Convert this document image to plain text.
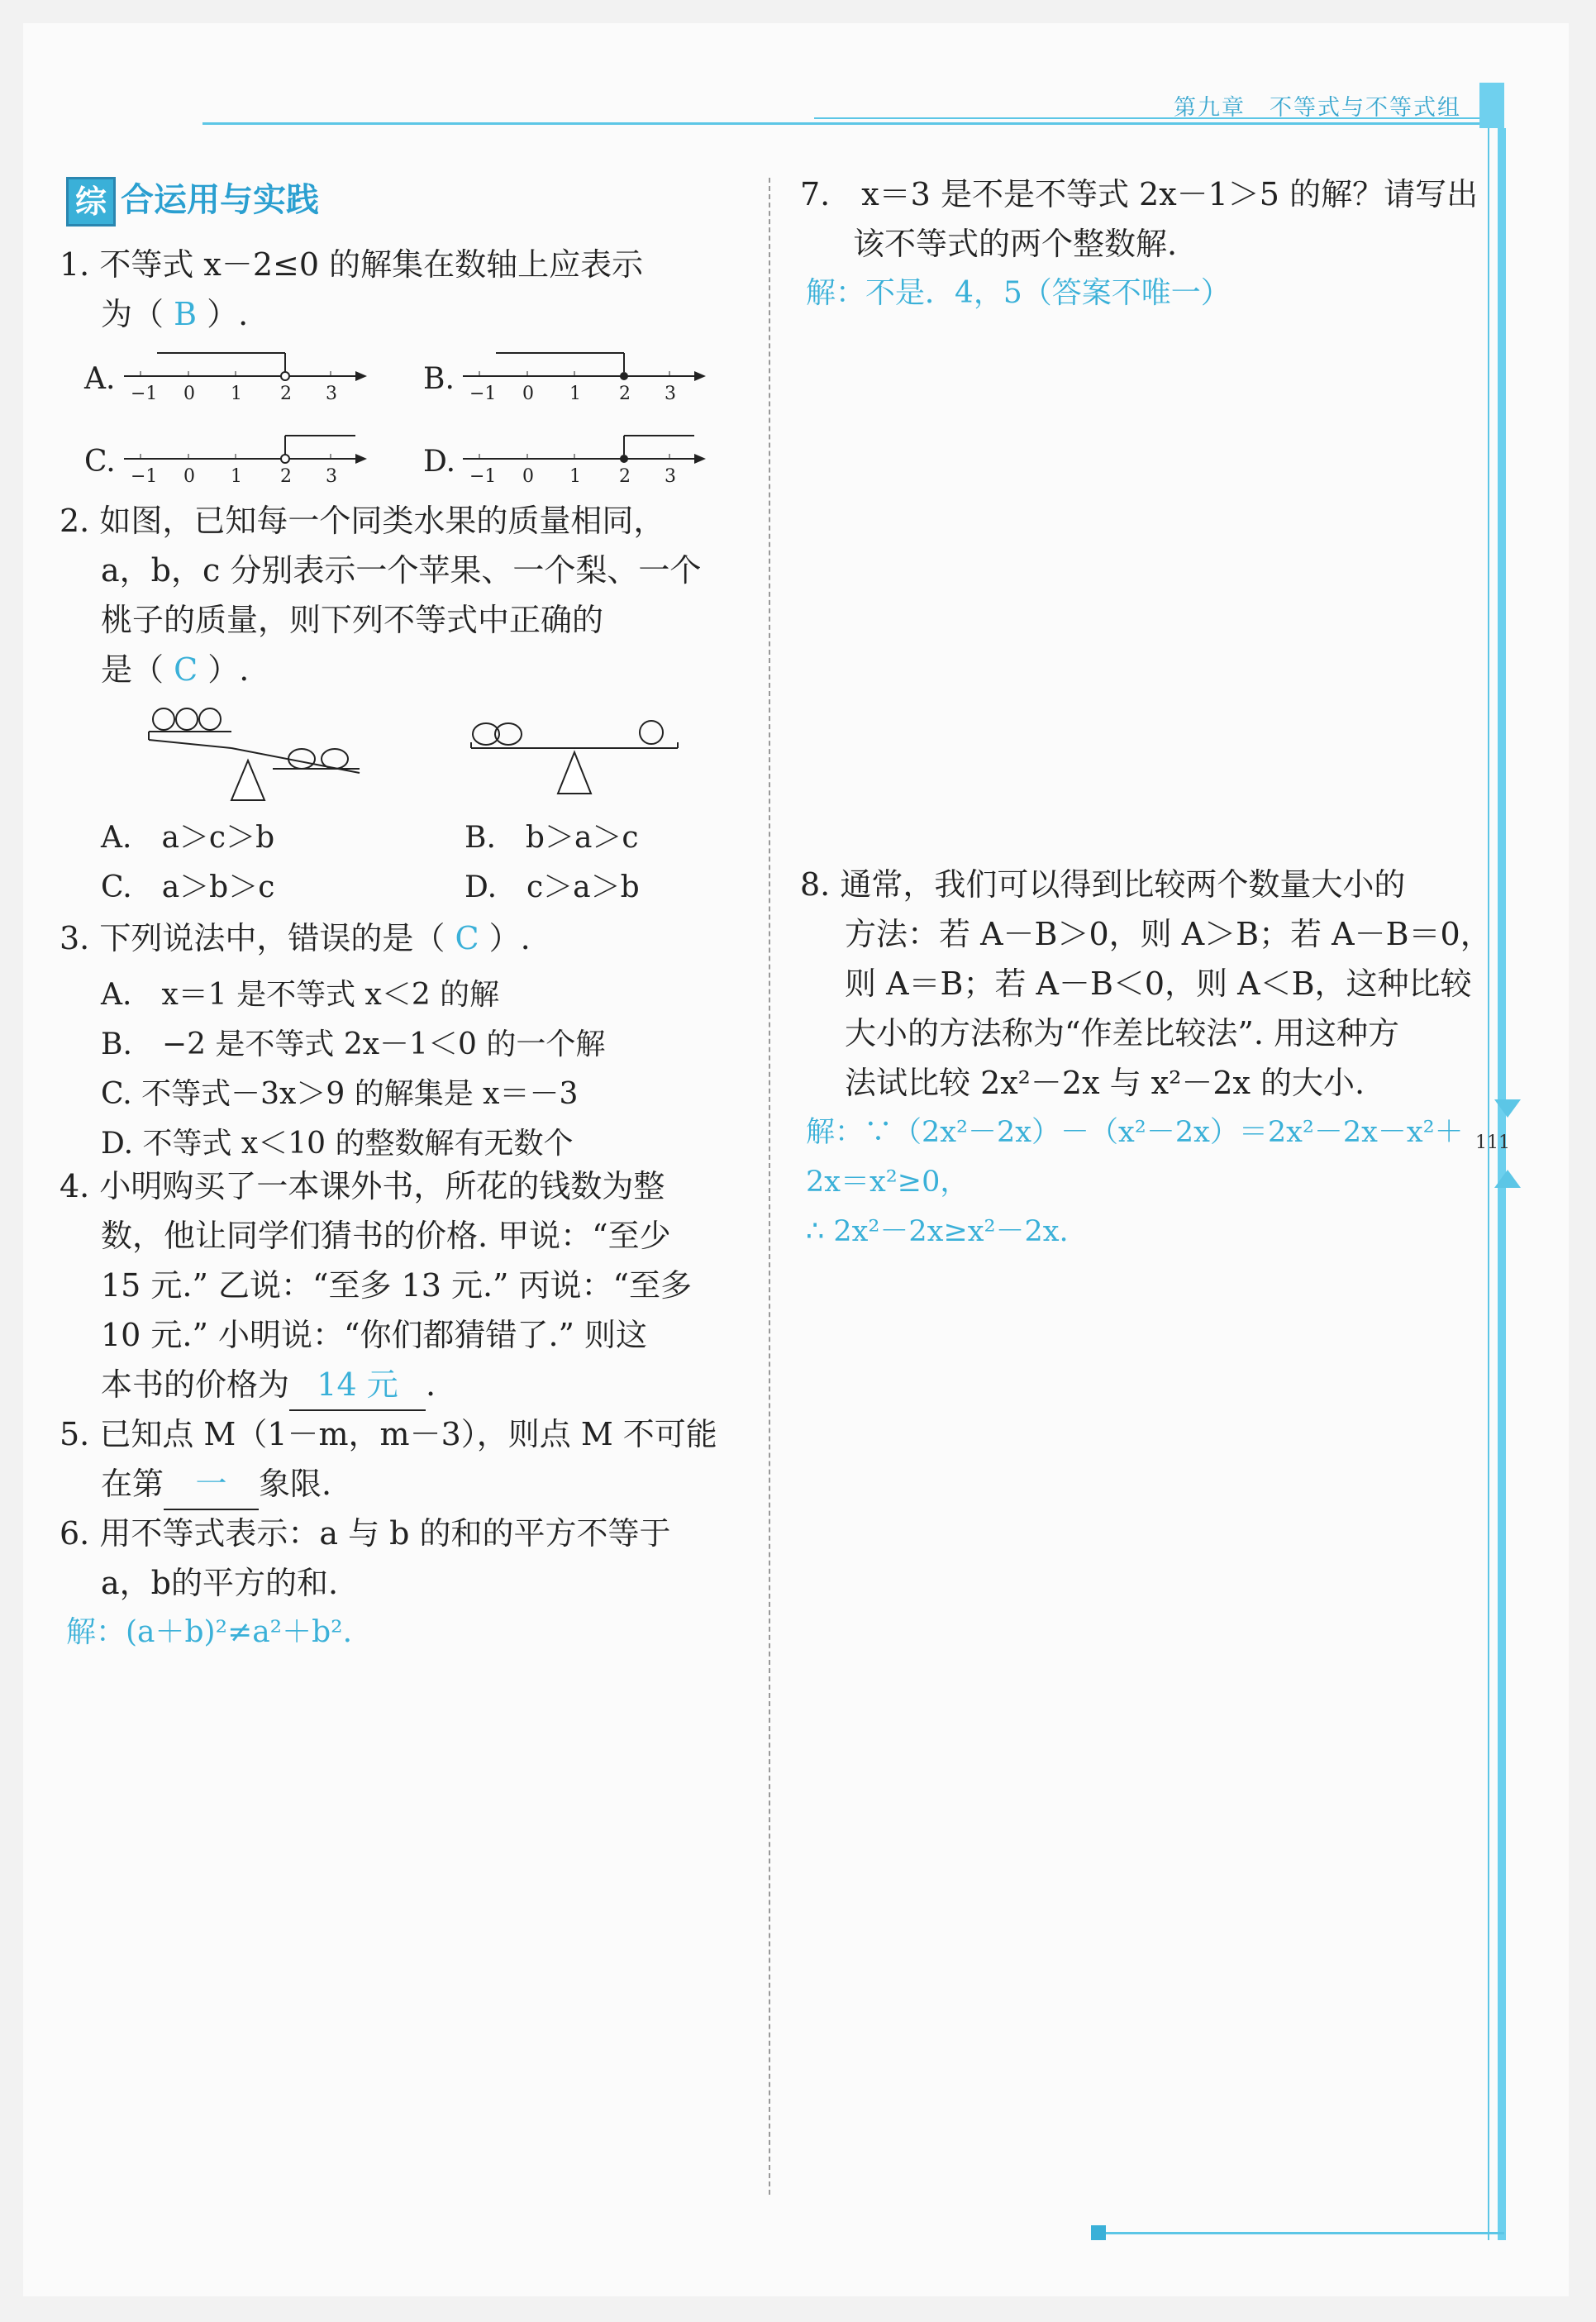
第九章　不等式与不等式组
111
综 合运用与实践
1. 不等式 x－2≤0 的解集在数轴上应表示
为（ B ）.
A. −1 0 1 2 3	B. −1 0 1 2 3
C. −1 0 1 2 3	D. −1 0 1 2 3
2. 如图，已知每一个同类水果的质量相同，
a，b，c 分别表示一个苹果、一个梨、一个
桃子的质量，则下列不等式中正确的
是（ C ）.
A.　a＞c＞b	B.　b＞a＞c
C.　a＞b＞c	D.　c＞a＞b
3. 下列说法中，错误的是（ C ）.
A.　x＝1 是不等式 x＜2 的解
B.　−2 是不等式 2x－1＜0 的一个解
C. 不等式－3x＞9 的解集是 x＝－3
D. 不等式 x＜10 的整数解有无数个
4. 小明购买了一本课外书，所花的钱数为整
数，他让同学们猜书的价格. 甲说：“至少
15 元.” 乙说：“至多 13 元.” 丙说：“至多
10 元.” 小明说：“你们都猜错了.” 则这
本书的价格为 14 元 .
5. 已知点 M（1－m，m－3），则点 M 不可能
在第 一 象限.
6. 用不等式表示：a 与 b 的和的平方不等于
a，b的平方的和.
解：(a＋b)²≠a²＋b².
7.　x＝3 是不是不等式 2x－1＞5 的解？请写出
该不等式的两个整数解.
解：不是．4，5（答案不唯一）
8. 通常，我们可以得到比较两个数量大小的
方法：若 A－B＞0，则 A＞B；若 A－B＝0，
则 A＝B；若 A－B＜0，则 A＜B，这种比较
大小的方法称为“作差比较法”. 用这种方
法试比较 2x²－2x 与 x²－2x 的大小.
解：∵（2x²－2x）－（x²－2x）＝2x²－2x－x²＋
2x＝x²≥0，
∴ 2x²－2x≥x²－2x.
